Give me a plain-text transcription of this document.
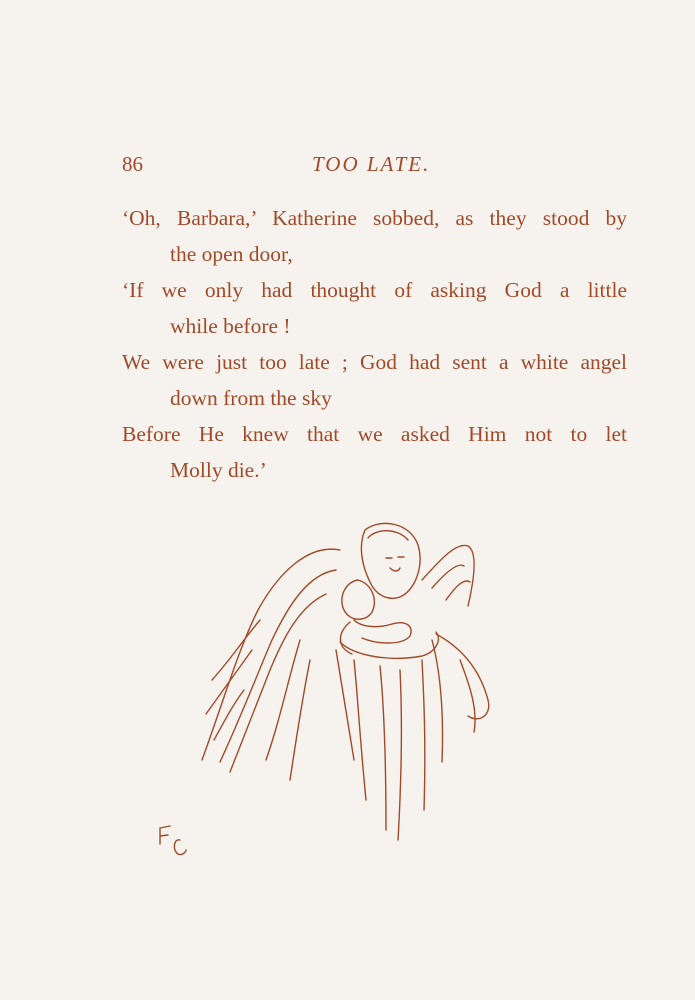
86	TOO LATE.
‘Oh, Barbara,’ Katherine sobbed, as they stood by
the open door,
‘If we only had thought of asking God a little
while before !
We were just too late ; God had sent a white angel
down from the sky
Before He knew that we asked Him not to let
Molly die.’
